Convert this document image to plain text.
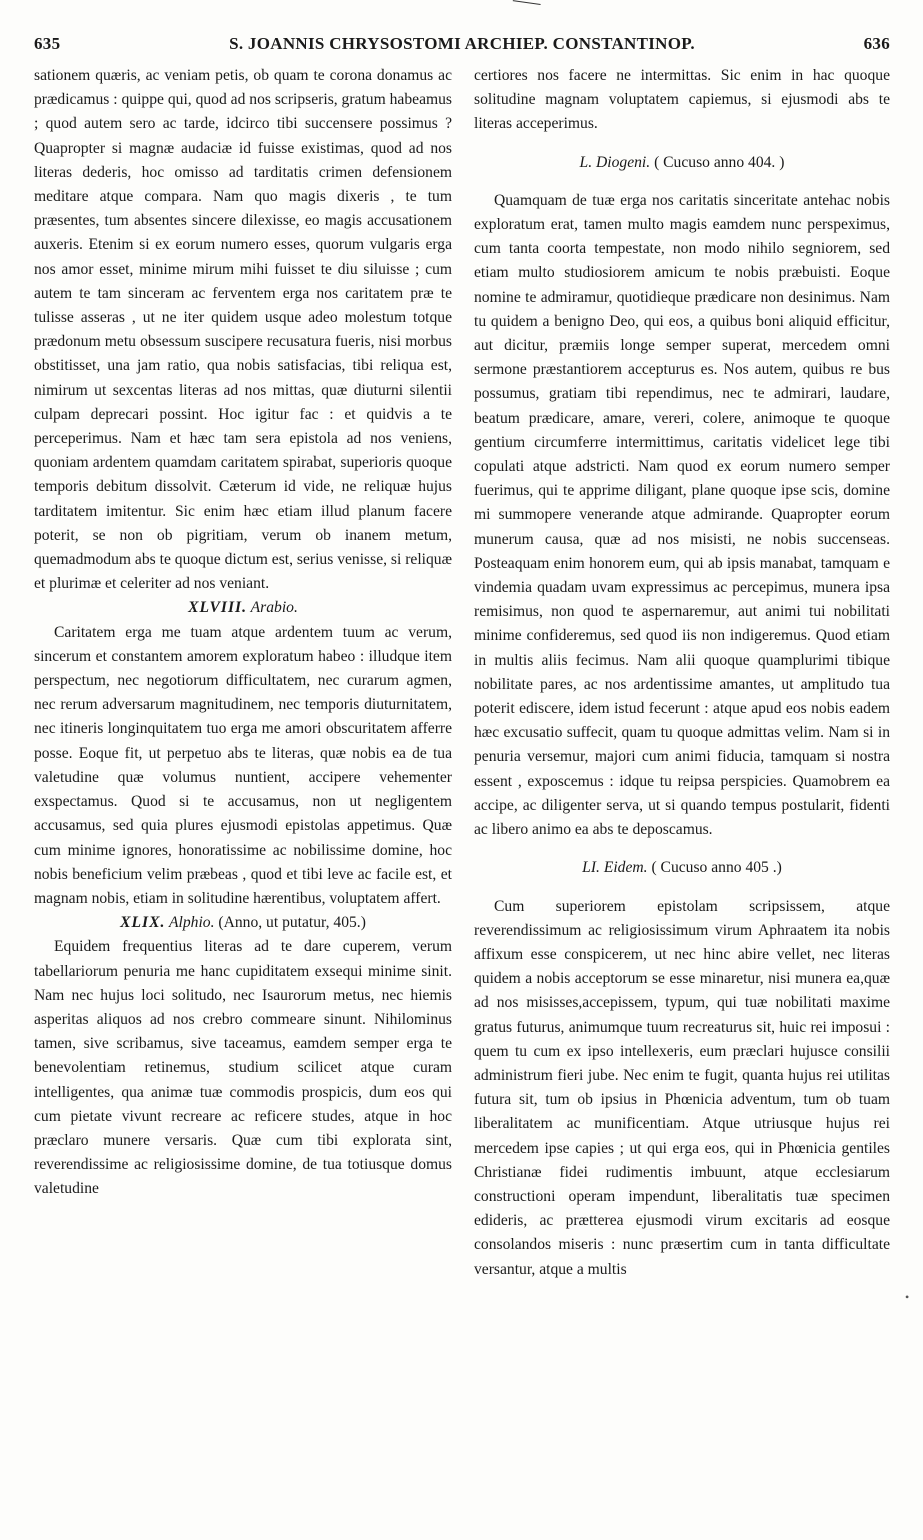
635	S. JOANNIS CHRYSOSTOMI ARCHIEP. CONSTANTINOP.	636

sationem quæris, ac veniam petis, ob quam te corona donamus ac prædicamus : quippe qui, quod ad nos scripseris, gratum habeamus ; quod autem sero ac tarde, idcirco tibi succensere possimus ? Quapropter si magnæ audaciæ id fuisse existimas, quod ad nos literas dederis, hoc omisso ad tarditatis crimen defensionem meditare atque compara. Nam quo magis dixeris , te tum præsentes, tum absentes sincere dilexisse, eo magis accusationem auxeris. Etenim si ex eorum numero esses, quorum vulgaris erga nos amor esset, minime mirum mihi fuisset te diu siluisse ; cum autem te tam sinceram ac ferventem erga nos caritatem præ te tulisse asseras , ut ne iter quidem usque adeo molestum totque prædonum metu obsessum suscipere recusatura fueris, nisi morbus obstitisset, una jam ratio, qua nobis satisfacias, tibi reliqua est, nimirum ut sexcentas literas ad nos mittas, quæ diuturni silentii culpam deprecari possint. Hoc igitur fac : et quidvis a te perceperimus. Nam et hæc tam sera epistola ad nos veniens, quoniam ardentem quamdam caritatem spirabat, superioris quoque temporis debitum dissolvit. Cæterum id vide, ne reliquæ hujus tarditatem imitentur. Sic enim hæc etiam illud planum facere poterit, se non ob pigritiam, verum ob inanem metum, quemadmodum abs te quoque dictum est, serius venisse, si reliquæ et plurimæ et celeriter ad nos veniant.

XLVIII. Arabio.

Caritatem erga me tuam atque ardentem tuum ac verum, sincerum et constantem amorem exploratum habeo : illudque item perspectum, nec negotiorum difficultatem, nec curarum agmen, nec rerum adversarum magnitudinem, nec temporis diuturnitatem, nec itineris longinquitatem tuo erga me amori obscuritatem afferre posse. Eoque fit, ut perpetuo abs te literas, quæ nobis ea de tua valetudine quæ volumus nuntient, accipere vehementer exspectamus. Quod si te accusamus, non ut negligentem accusamus, sed quia plures ejusmodi epistolas appetimus. Quæ cum minime ignores, honoratissime ac nobilissime domine, hoc nobis beneficium velim præbeas , quod et tibi leve ac facile est, et magnam nobis, etiam in solitudine hærentibus, voluptatem affert.

XLIX. Alphio. (Anno, ut putatur, 405.)

Equidem frequentius literas ad te dare cuperem, verum tabellariorum penuria me hanc cupiditatem exsequi minime sinit. Nam nec hujus loci solitudo, nec Isaurorum metus, nec hiemis asperitas aliquos ad nos crebro commeare sinunt. Nihilominus tamen, sive scribamus, sive taceamus, eamdem semper erga te benevolentiam retinemus, studium scilicet atque curam intelligentes, qua animæ tuæ commodis prospicis, dum eos qui cum pietate vivunt recreare ac reficere studes, atque in hoc præclaro munere versaris. Quæ cum tibi explorata sint, reverendissime ac religiosissime domine, de tua totiusque domus valetudine

certiores nos facere ne intermittas. Sic enim in hac quoque solitudine magnam voluptatem capiemus, si ejusmodi abs te literas acceperimus.

L. Diogeni. ( Cucuso anno 404. )

Quamquam de tuæ erga nos caritatis sinceritate antehac nobis exploratum erat, tamen multo magis eamdem nunc perspeximus, cum tanta coorta tempestate, non modo nihilo segniorem, sed etiam multo studiosiorem amicum te nobis præbuisti. Eoque nomine te admiramur, quotidieque prædicare non desinimus. Nam tu quidem a benigno Deo, qui eos, a quibus boni aliquid efficitur, aut dicitur, præmiis longe semper superat, mercedem omni sermone præstantiorem accepturus es. Nos autem, quibus re bus possumus, gratiam tibi rependimus, nec te admirari, laudare, beatum prædicare, amare, vereri, colere, animoque te quoque gentium circumferre intermittimus, caritatis videlicet lege tibi copulati atque adstricti. Nam quod ex eorum numero semper fuerimus, qui te apprime diligant, plane quoque ipse scis, domine mi summopere venerande atque admirande. Quapropter eorum munerum causa, quæ ad nos misisti, ne nobis succenseas. Posteaquam enim honorem eum, qui ab ipsis manabat, tamquam e vindemia quadam uvam expressimus ac percepimus, munera ipsa remisimus, non quod te aspernaremur, aut animi tui nobilitati minime confideremus, sed quod iis non indigeremus. Quod etiam in multis aliis fecimus. Nam alii quoque quamplurimi tibique nobilitate pares, ac nos ardentissime amantes, ut amplitudo tua poterit ediscere, idem istud fecerunt : atque apud eos nobis eadem hæc excusatio suffecit, quam tu quoque admittas velim. Nam si in penuria versemur, majori cum animi fiducia, tamquam si nostra essent , exposcemus : idque tu reipsa perspicies. Quamobrem ea accipe, ac diligenter serva, ut si quando tempus postularit, fidenti ac libero animo ea abs te deposcamus.

LI. Eidem. ( Cucuso anno 405 .)

Cum superiorem epistolam scripsissem, atque reverendissimum ac religiosissimum virum Aphraatem ita nobis affixum esse conspicerem, ut nec hinc abire vellet, nec literas quidem a nobis acceptorum se esse minaretur, nisi munera ea,quæ ad nos misisses,accepissem, typum, qui tuæ nobilitati maxime gratus futurus, animumque tuum recreaturus sit, huic rei imposui : quem tu cum ex ipso intellexeris, eum præclari hujusce consilii administrum fieri jube. Nec enim te fugit, quanta hujus rei utilitas futura sit, tum ob ipsius in Phœnicia adventum, tum ob tuam liberalitatem ac munificentiam. Atque utriusque hujus rei mercedem ipse capies ; ut qui erga eos, qui in Phœnicia gentiles Christianæ fidei rudimentis imbuunt, atque ecclesiarum constructioni operam impendunt, liberalitatis tuæ specimen edideris, ac prætterea ejusmodi virum excitaris ad eosque consolandos miseris : nunc præsertim cum in tanta difficultate versantur, atque a multis

•
